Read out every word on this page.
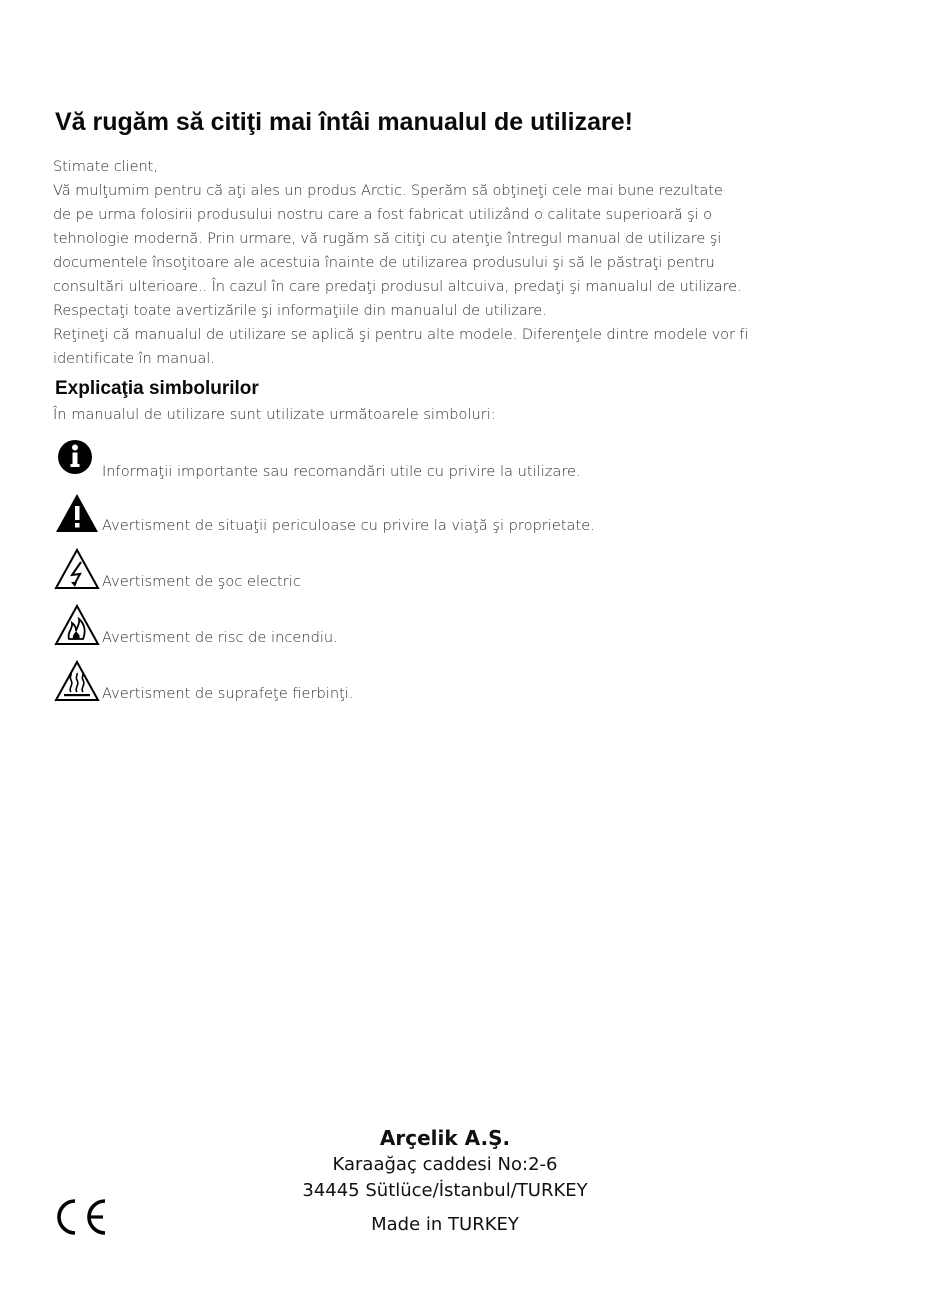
Vă rugăm să citiţi mai întâi manualul de utilizare!
Stimate client,
Vă mulţumim pentru că aţi ales un produs Arctic. Sperăm să obţineţi cele mai bune rezultate
de pe urma folosirii produsului nostru care a fost fabricat utilizând o calitate superioară şi o
tehnologie modernă. Prin urmare, vă rugăm să citiţi cu atenţie întregul manual de utilizare şi
documentele însoţitoare ale acestuia înainte de utilizarea produsului şi să le păstraţi pentru
consultări ulterioare.. În cazul în care predaţi produsul altcuiva, predaţi şi manualul de utilizare.
Respectaţi toate avertizările şi informaţiile din manualul de utilizare.
Reţineţi că manualul de utilizare se aplică şi pentru alte modele. Diferenţele dintre modele vor fi
identificate în manual.
Explicaţia simbolurilor
În manualul de utilizare sunt utilizate următoarele simboluri:
Informaţii importante sau recomandări utile cu privire la utilizare.
Avertisment de situaţii periculoase cu privire la viaţă şi proprietate.
Avertisment de şoc electric
Avertisment de risc de incendiu.
Avertisment de suprafeţe fierbinţi.
Arçelik A.Ş.
Karaağaç caddesi No:2-6
34445 Sütlüce/İstanbul/TURKEY
Made in TURKEY
